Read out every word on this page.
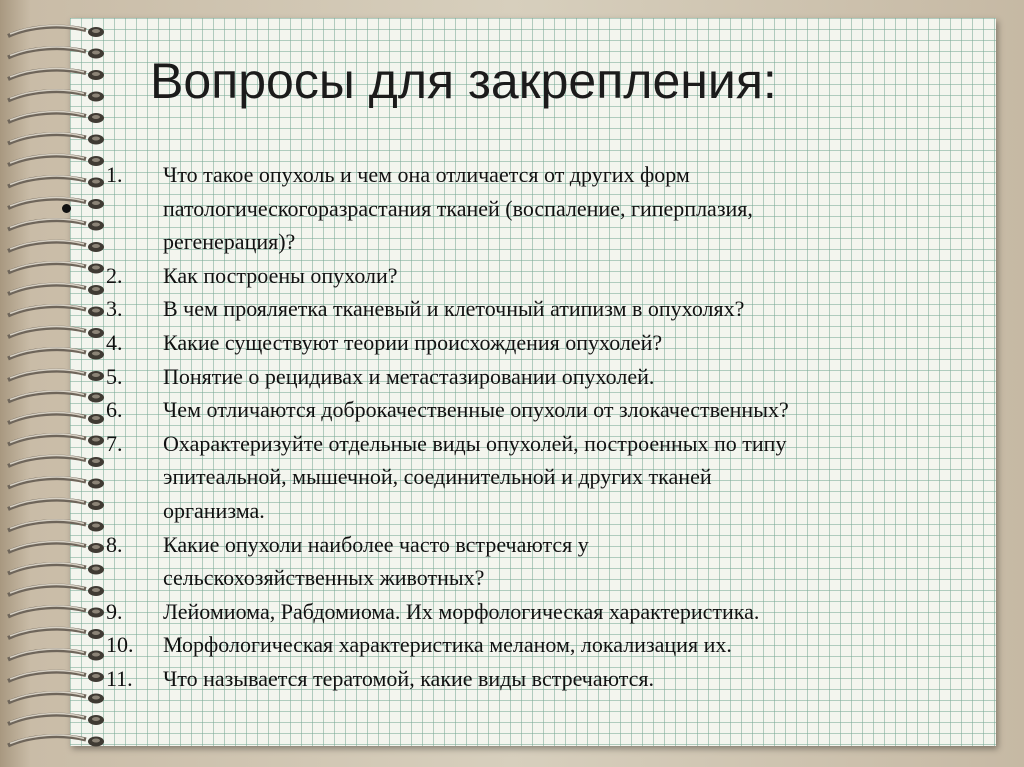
Вопросы для закрепления:
1.	Что такое опухоль и чем она отличается от других форм
патологическогоразрастания тканей (воспаление, гиперплазия,
регенерация)?
2.	Как построены опухоли?
3.	В чем прояляетка тканевый и клеточный атипизм в опухолях?
4.	Какие существуют теории происхождения опухолей?
5.	Понятие о рецидивах и метастазировании опухолей.
6.	Чем отличаются доброкачественные опухоли от злокачественных?
7.	Охарактеризуйте отдельные виды опухолей, построенных по типу
эпитеальной, мышечной, соединительной и других тканей
организма.
8.	Какие опухоли наиболее часто встречаются у
сельскохозяйственных животных?
9.	Лейомиома, Рабдомиома. Их морфологическая характеристика.
10.	Морфологическая характеристика меланом, локализация их.
11.	Что называется тератомой, какие виды встречаются.
